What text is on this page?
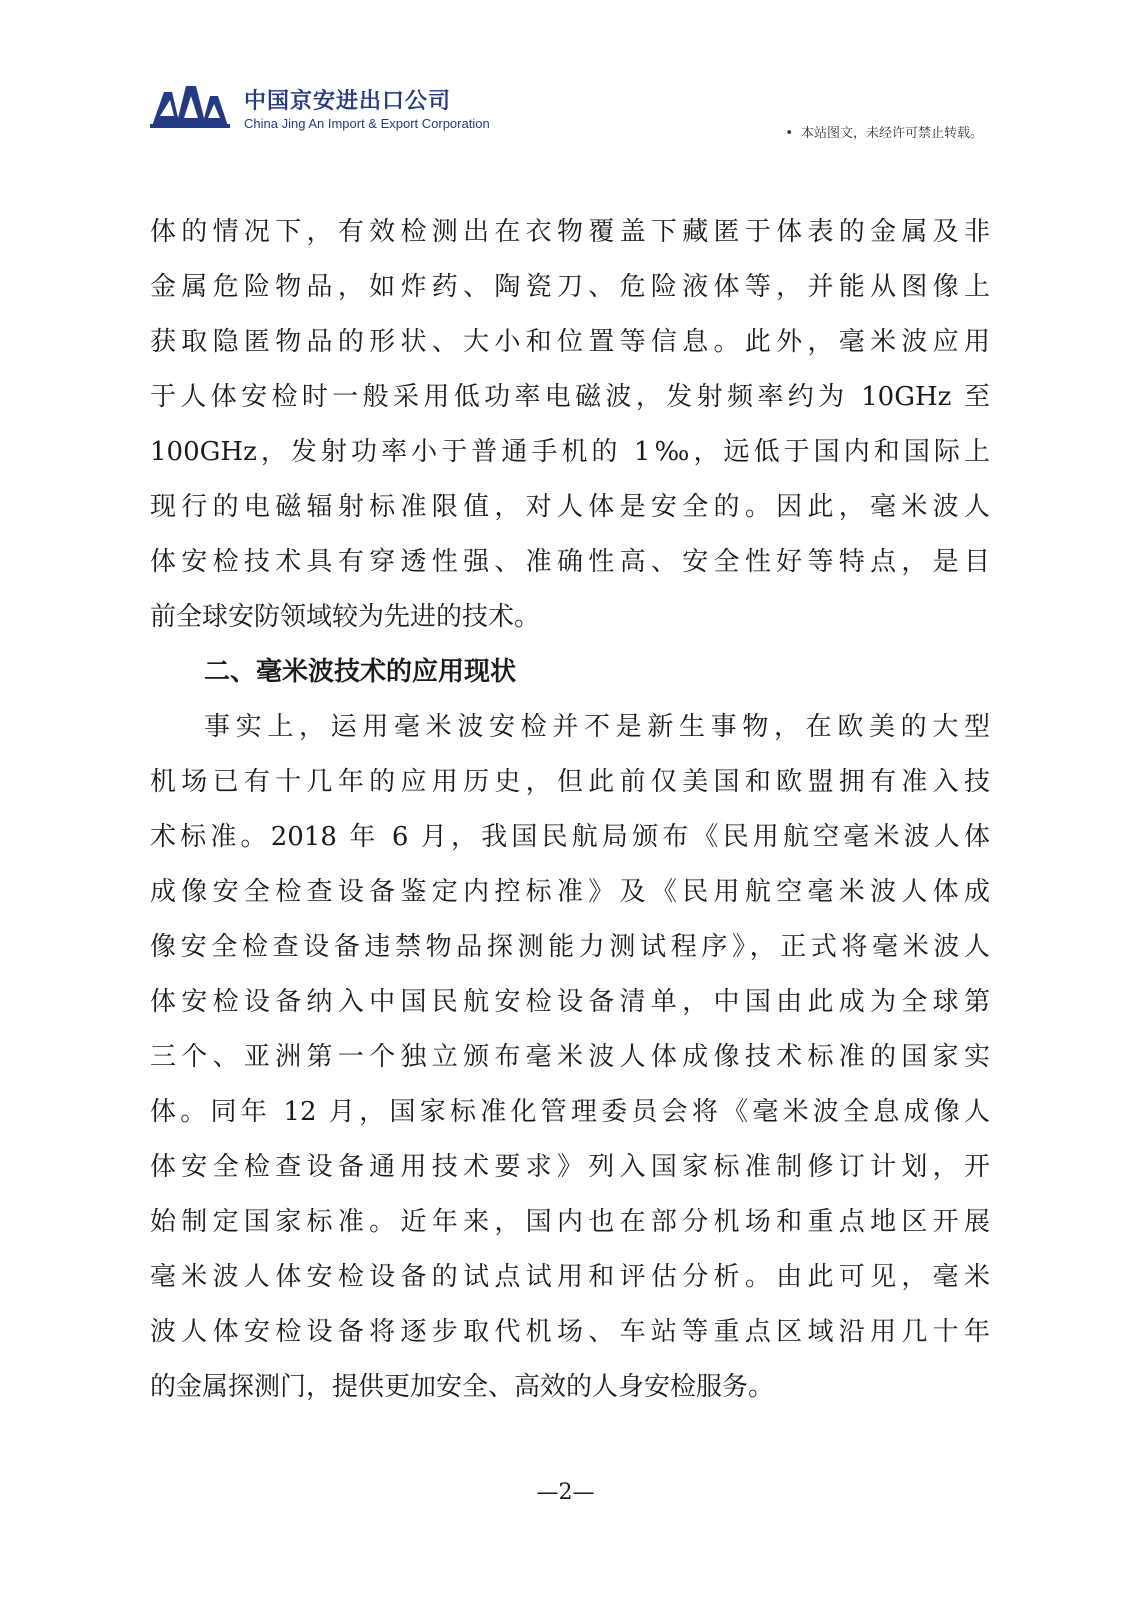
中国京安进出口公司
China Jing An Import & Export Corporation
• 本站图文，未经许可禁止转载。
体的情况下，有效检测出在衣物覆盖下藏匿于体表的金属及非
金属危险物品，如炸药、陶瓷刀、危险液体等，并能从图像上
获取隐匿物品的形状、大小和位置等信息。此外，毫米波应用
于人体安检时一般采用低功率电磁波，发射频率约为 10GHz 至
100GHz，发射功率小于普通手机的 1‰，远低于国内和国际上
现行的电磁辐射标准限值，对人体是安全的。因此，毫米波人
体安检技术具有穿透性强、准确性高、安全性好等特点，是目
前全球安防领域较为先进的技术。
二、毫米波技术的应用现状
事实上，运用毫米波安检并不是新生事物，在欧美的大型
机场已有十几年的应用历史，但此前仅美国和欧盟拥有准入技
术标准。2018 年 6 月，我国民航局颁布《民用航空毫米波人体
成像安全检查设备鉴定内控标准》及《民用航空毫米波人体成
像安全检查设备违禁物品探测能力测试程序》，正式将毫米波人
体安检设备纳入中国民航安检设备清单，中国由此成为全球第
三个、亚洲第一个独立颁布毫米波人体成像技术标准的国家实
体。同年 12 月，国家标准化管理委员会将《毫米波全息成像人
体安全检查设备通用技术要求》列入国家标准制修订计划，开
始制定国家标准。近年来，国内也在部分机场和重点地区开展
毫米波人体安检设备的试点试用和评估分析。由此可见，毫米
波人体安检设备将逐步取代机场、车站等重点区域沿用几十年
的金属探测门，提供更加安全、高效的人身安检服务。
—2—
